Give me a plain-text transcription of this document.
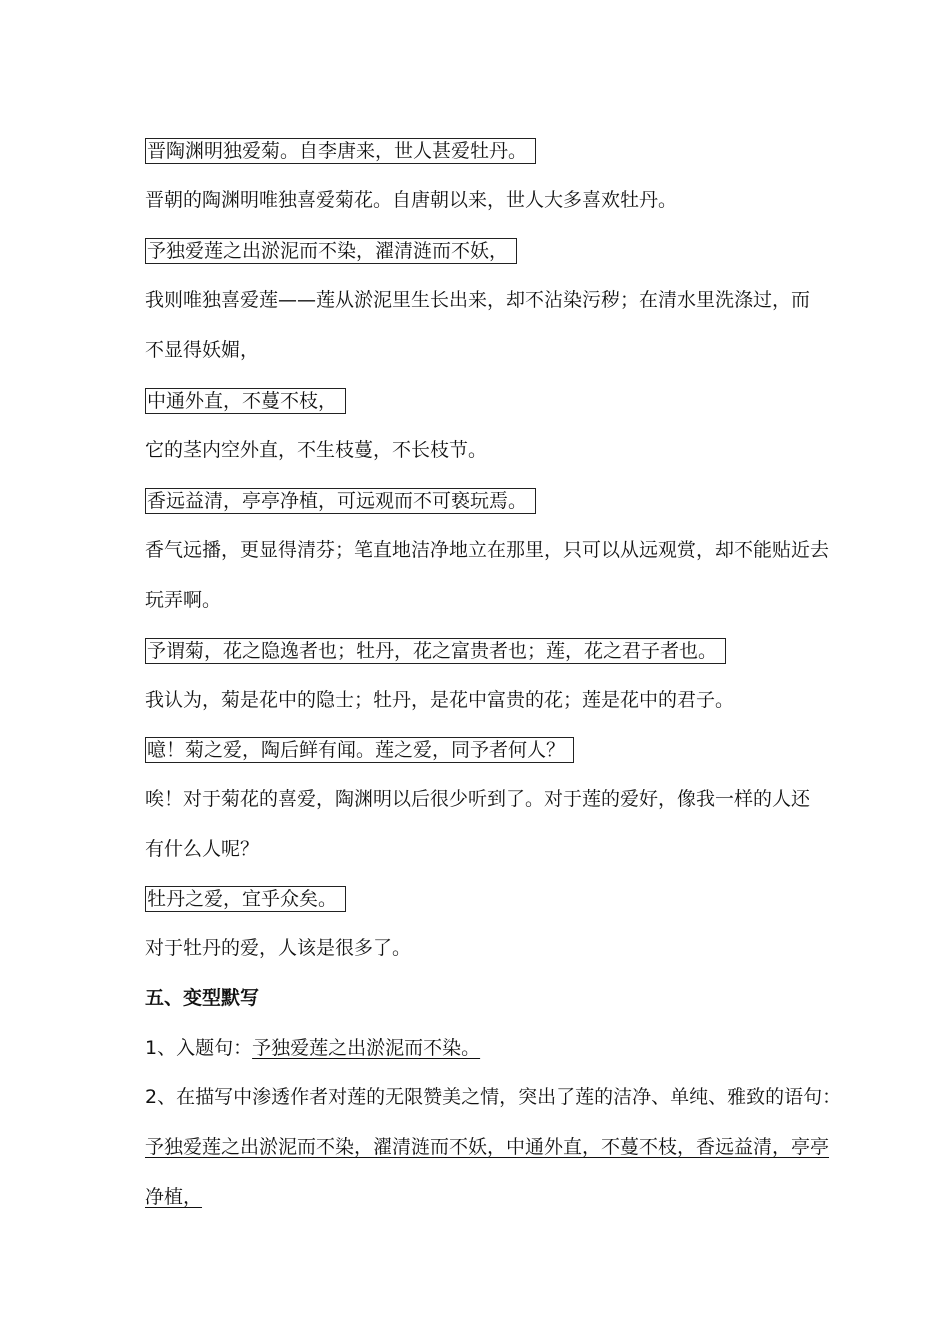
晋陶渊明独爱菊。自李唐来，世人甚爱牡丹。
晋朝的陶渊明唯独喜爱菊花。自唐朝以来，世人大多喜欢牡丹。
予独爱莲之出淤泥而不染，濯清涟而不妖，
我则唯独喜爱莲——莲从淤泥里生长出来，却不沾染污秽；在清水里洗涤过，而
不显得妖媚，
中通外直，不蔓不枝，
它的茎内空外直，不生枝蔓，不长枝节。
香远益清，亭亭净植，可远观而不可亵玩焉。
香气远播，更显得清芬；笔直地洁净地立在那里，只可以从远观赏，却不能贴近去
玩弄啊。
予谓菊，花之隐逸者也；牡丹，花之富贵者也；莲，花之君子者也。
我认为，菊是花中的隐士；牡丹，是花中富贵的花；莲是花中的君子。
噫！菊之爱，陶后鲜有闻。莲之爱，同予者何人？
唉！对于菊花的喜爱，陶渊明以后很少听到了。对于莲的爱好，像我一样的人还
有什么人呢？
牡丹之爱，宜乎众矣。
对于牡丹的爱，人该是很多了。
五、变型默写
1、入题句：予独爱莲之出淤泥而不染。
2、在描写中渗透作者对莲的无限赞美之情，突出了莲的洁净、单纯、雅致的语句：
予独爱莲之出淤泥而不染，濯清涟而不妖，中通外直，不蔓不枝，香远益清，亭亭
净植，
